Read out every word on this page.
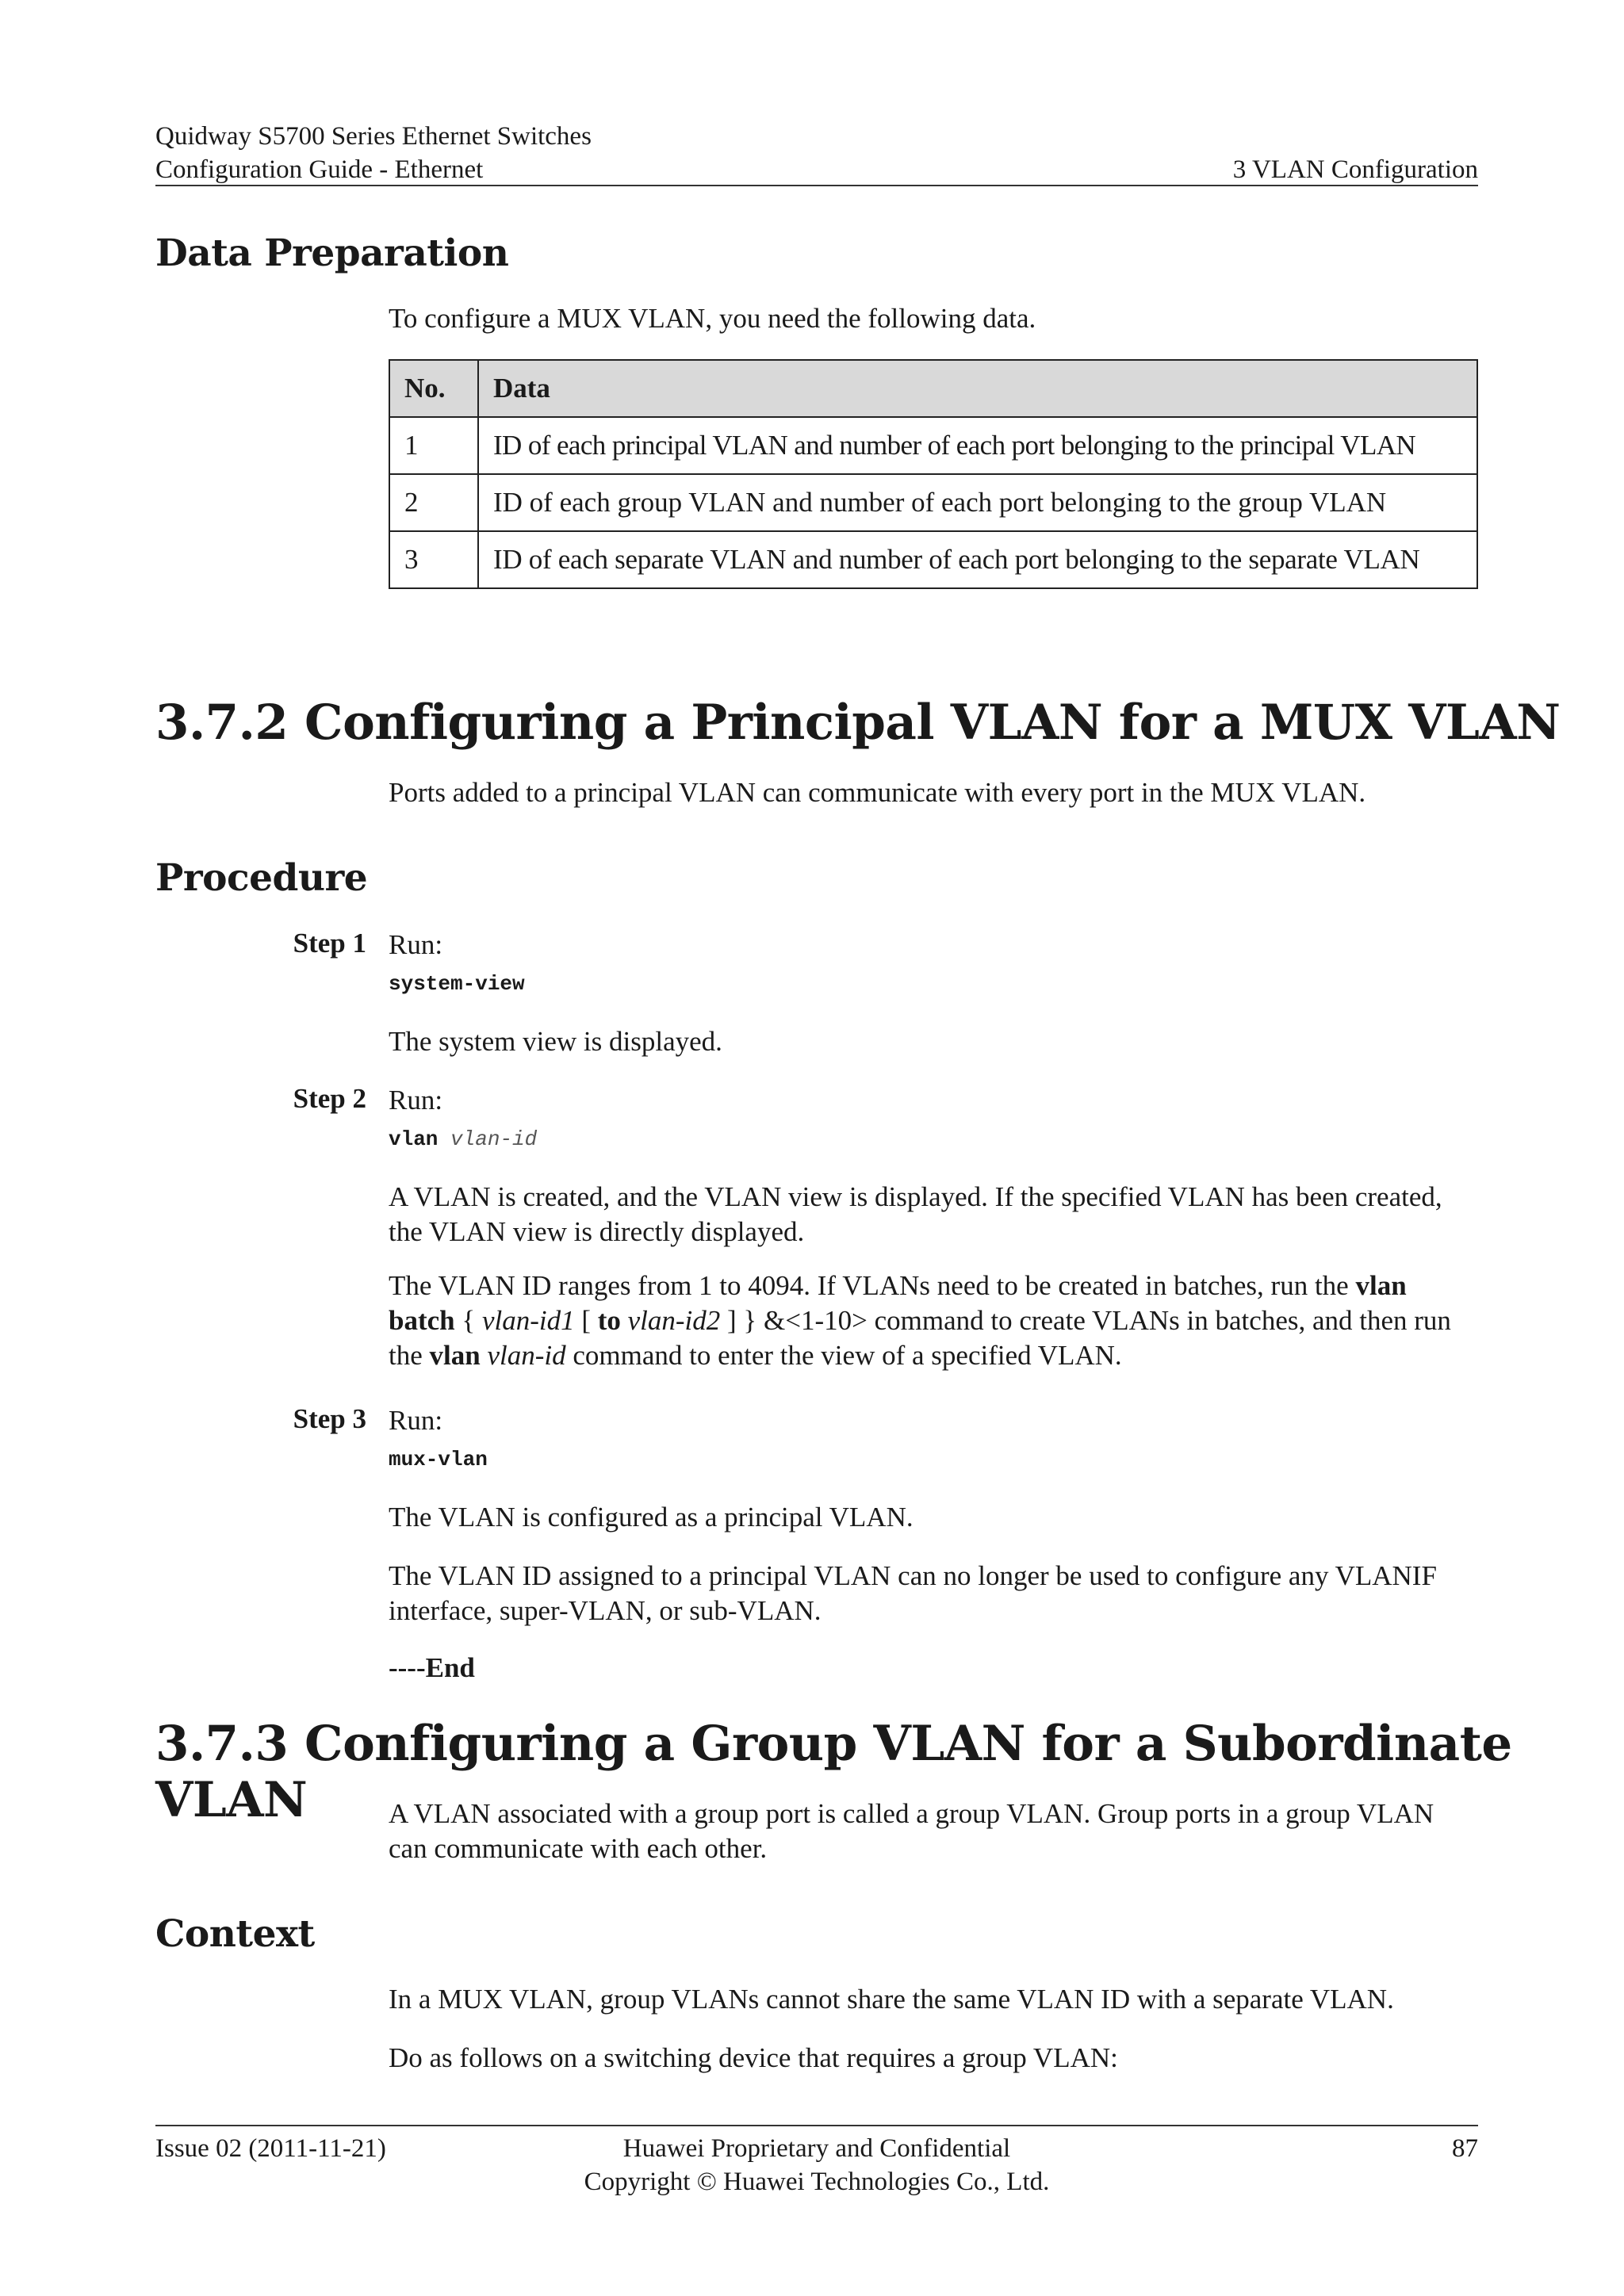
Quidway S5700 Series Ethernet Switches
Configuration Guide - Ethernet	3 VLAN Configuration
Data Preparation
To configure a MUX VLAN, you need the following data.
No.	Data
1	ID of each principal VLAN and number of each port belonging to the principal VLAN
2	ID of each group VLAN and number of each port belonging to the group VLAN
3	ID of each separate VLAN and number of each port belonging to the separate VLAN
3.7.2 Configuring a Principal VLAN for a MUX VLAN
Ports added to a principal VLAN can communicate with every port in the MUX VLAN.
Procedure
Step 1 Run:
system-view
The system view is displayed.
Step 2 Run:
vlan vlan-id
A VLAN is created, and the VLAN view is displayed. If the specified VLAN has been created,
the VLAN view is directly displayed.
The VLAN ID ranges from 1 to 4094. If VLANs need to be created in batches, run the vlan
batch { vlan-id1 [ to vlan-id2 ] } &<1-10> command to create VLANs in batches, and then run
the vlan vlan-id command to enter the view of a specified VLAN.
Step 3 Run:
mux-vlan
The VLAN is configured as a principal VLAN.
The VLAN ID assigned to a principal VLAN can no longer be used to configure any VLANIF
interface, super-VLAN, or sub-VLAN.
----End
3.7.3 Configuring a Group VLAN for a Subordinate VLAN	A VLAN associated with a group port is called a group VLAN. Group ports in a group VLAN
can communicate with each other.
Context
In a MUX VLAN, group VLANs cannot share the same VLAN ID with a separate VLAN.
Do as follows on a switching device that requires a group VLAN:
Issue 02 (2011-11-21)	Huawei Proprietary and Confidential
Copyright © Huawei Technologies Co., Ltd.
87
